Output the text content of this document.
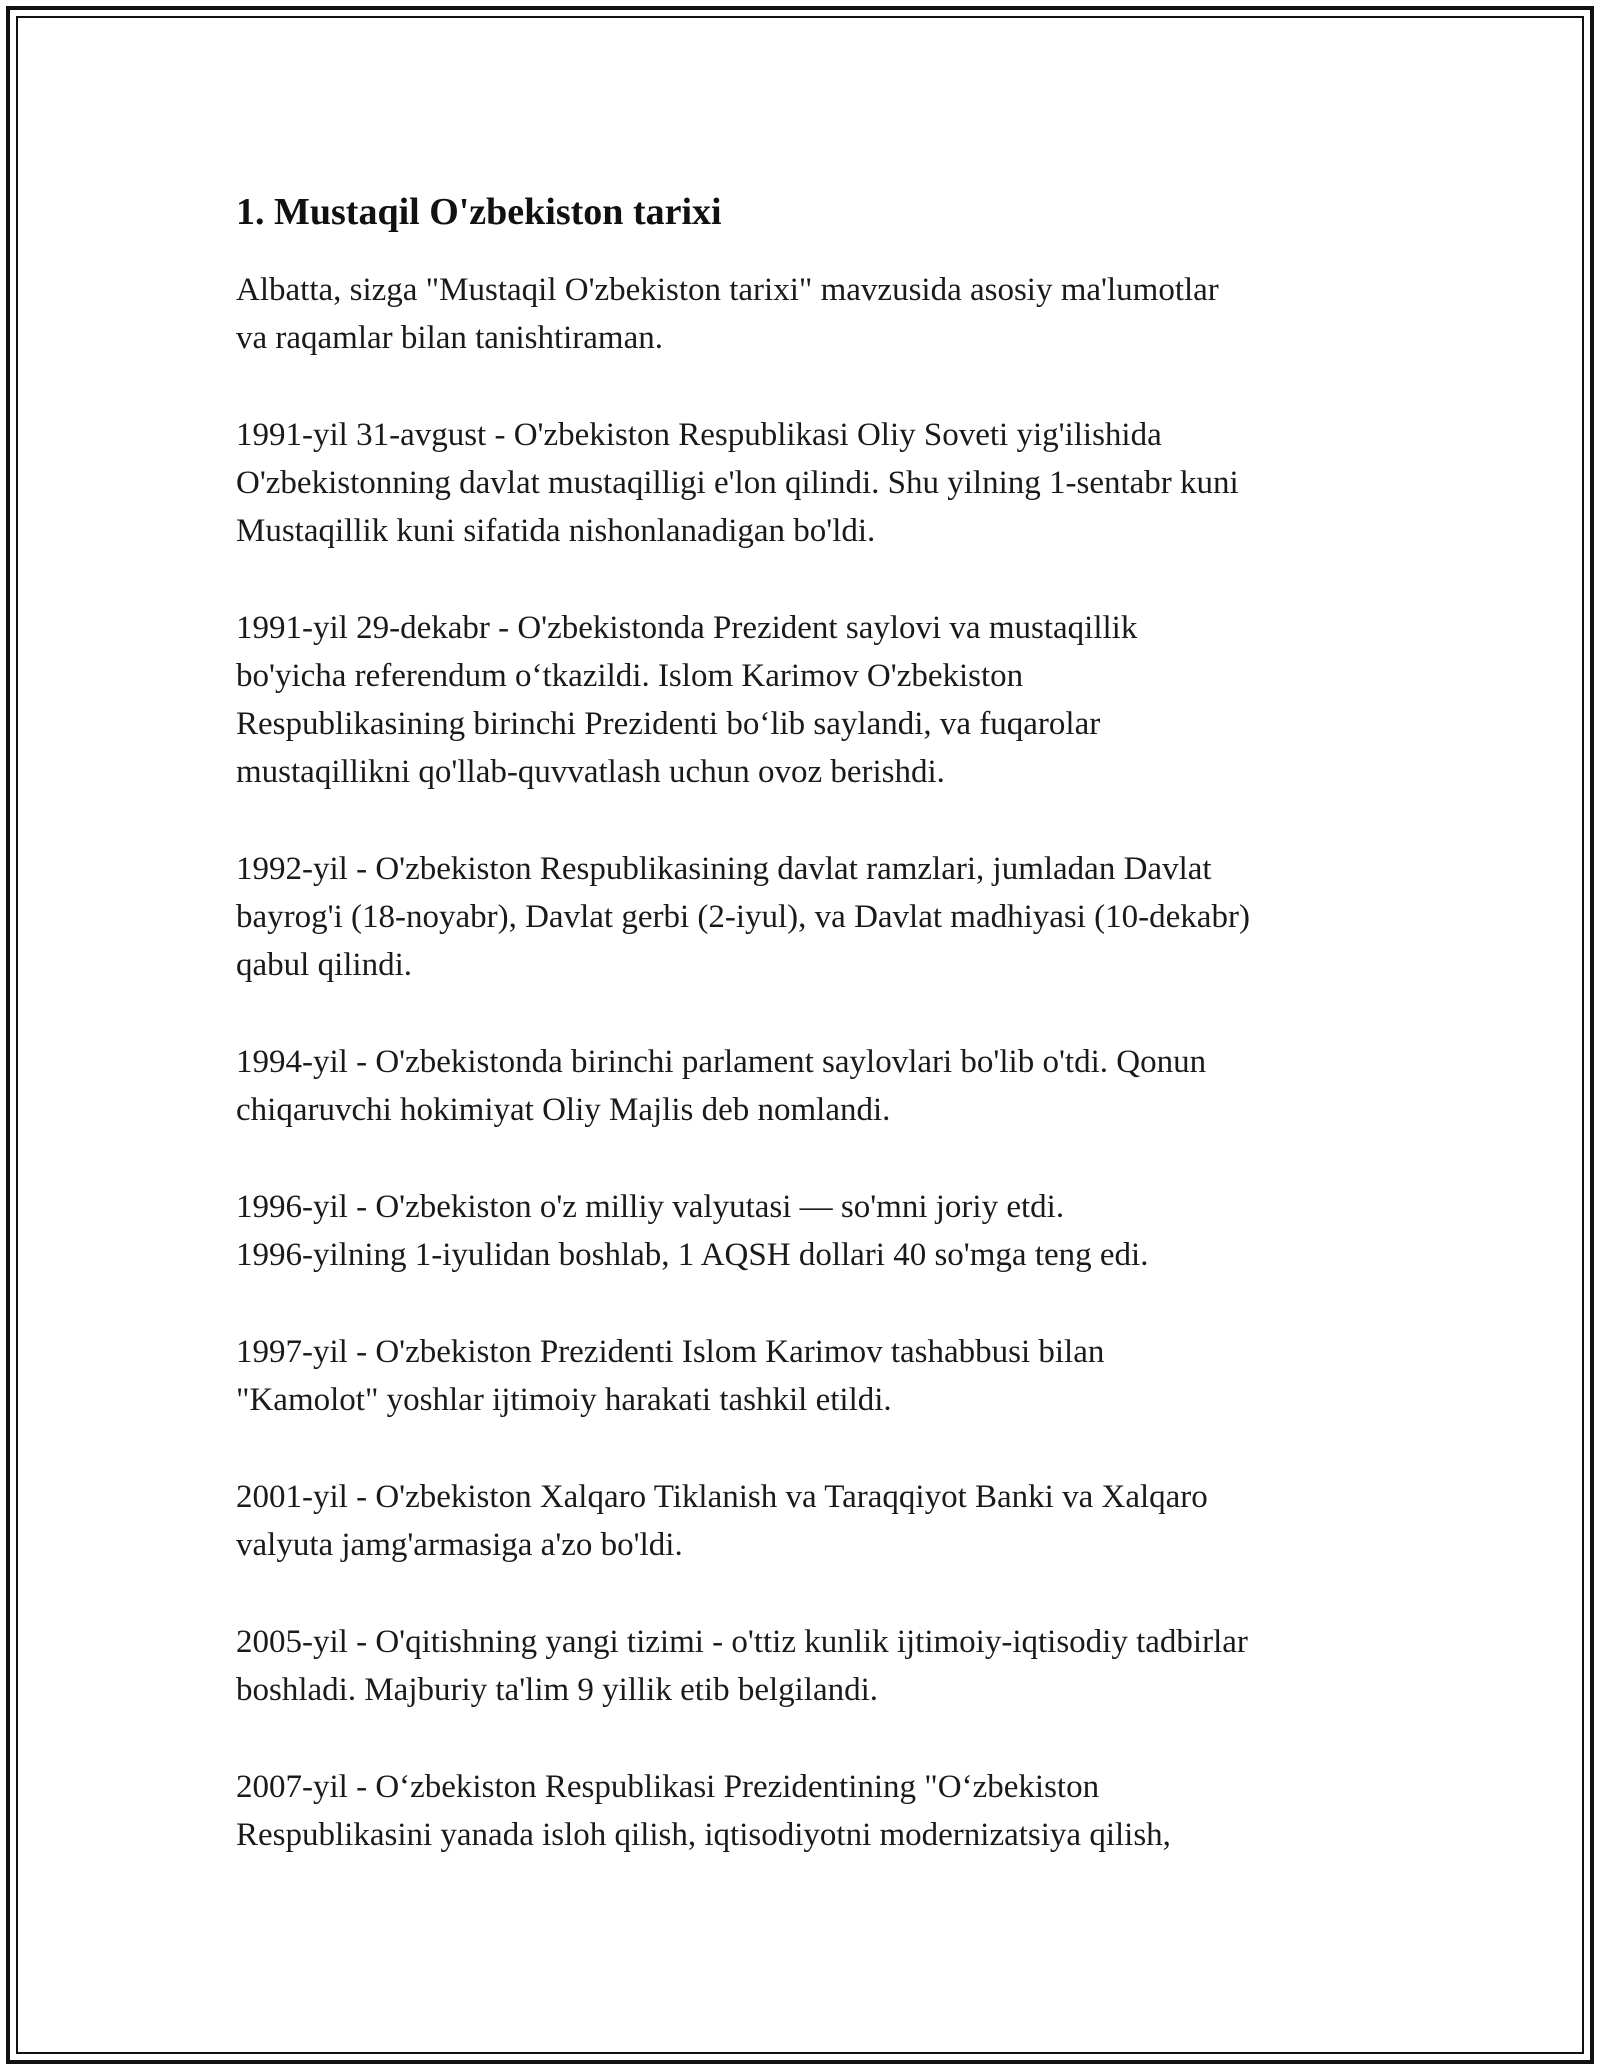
1. Mustaqil O'zbekiston tarixi
Albatta, sizga "Mustaqil O'zbekiston tarixi" mavzusida asosiy ma'lumotlar
va raqamlar bilan tanishtiraman.
1991-yil 31-avgust - O'zbekiston Respublikasi Oliy Soveti yig'ilishida
O'zbekistonning davlat mustaqilligi e'lon qilindi. Shu yilning 1-sentabr kuni
Mustaqillik kuni sifatida nishonlanadigan bo'ldi.
1991-yil 29-dekabr - O'zbekistonda Prezident saylovi va mustaqillik
bo'yicha referendum o‘tkazildi. Islom Karimov O'zbekiston
Respublikasining birinchi Prezidenti bo‘lib saylandi, va fuqarolar
mustaqillikni qo'llab-quvvatlash uchun ovoz berishdi.
1992-yil - O'zbekiston Respublikasining davlat ramzlari, jumladan Davlat
bayrog'i (18-noyabr), Davlat gerbi (2-iyul), va Davlat madhiyasi (10-dekabr)
qabul qilindi.
1994-yil - O'zbekistonda birinchi parlament saylovlari bo'lib o'tdi. Qonun
chiqaruvchi hokimiyat Oliy Majlis deb nomlandi.
1996-yil - O'zbekiston o'z milliy valyutasi — so'mni joriy etdi.
1996-yilning 1-iyulidan boshlab, 1 AQSH dollari 40 so'mga teng edi.
1997-yil - O'zbekiston Prezidenti Islom Karimov tashabbusi bilan
"Kamolot" yoshlar ijtimoiy harakati tashkil etildi.
2001-yil - O'zbekiston Xalqaro Tiklanish va Taraqqiyot Banki va Xalqaro
valyuta jamg'armasiga a'zo bo'ldi.
2005-yil - O'qitishning yangi tizimi - o'ttiz kunlik ijtimoiy-iqtisodiy tadbirlar
boshladi. Majburiy ta'lim 9 yillik etib belgilandi.
2007-yil - O‘zbekiston Respublikasi Prezidentining "O‘zbekiston
Respublikasini yanada isloh qilish, iqtisodiyotni modernizatsiya qilish,
